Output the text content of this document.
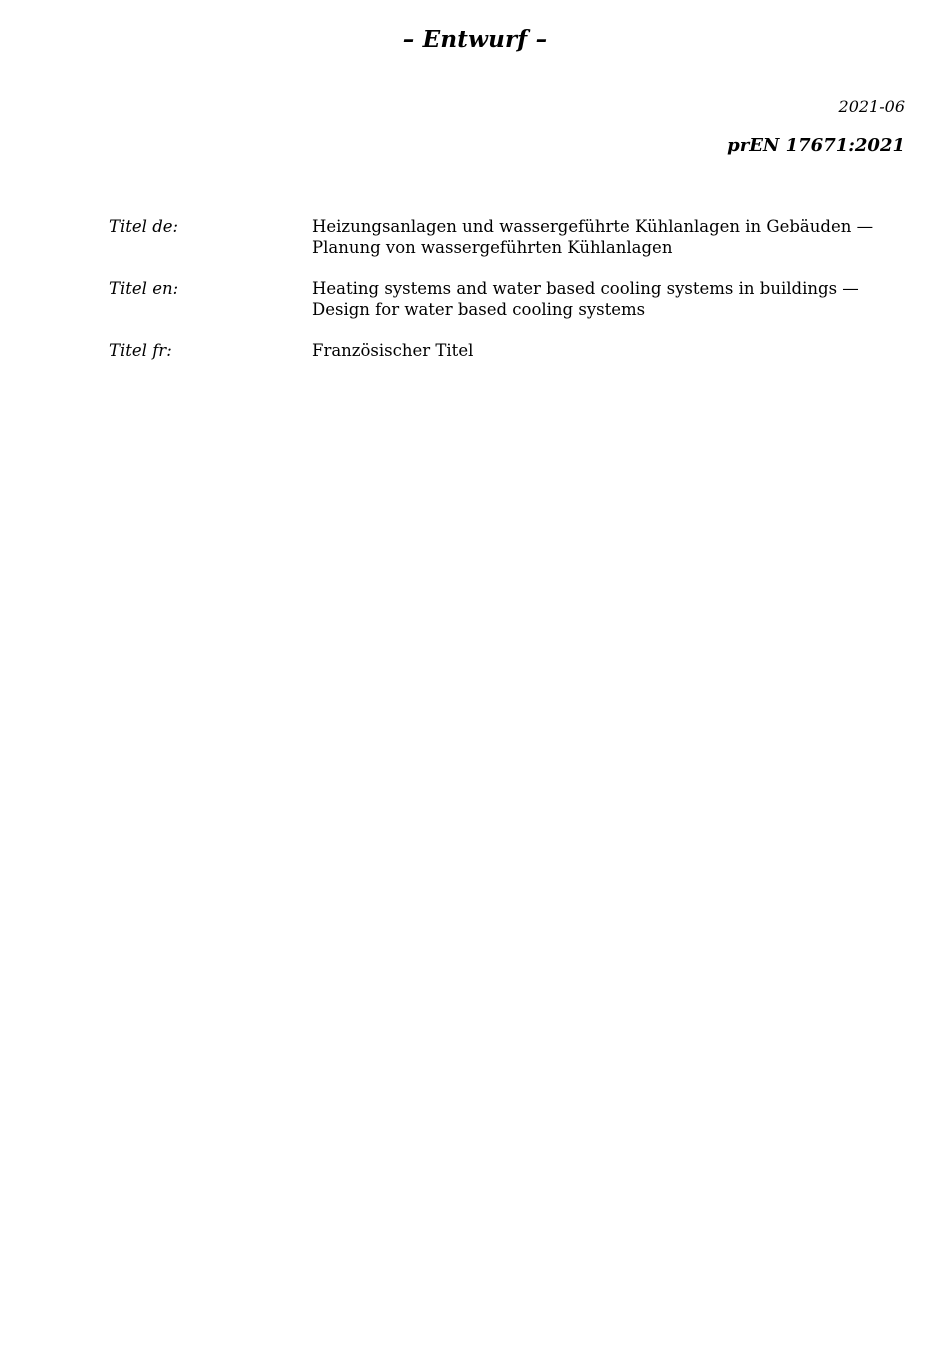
– Entwurf –
2021-06
prEN 17671:2021
Titel de:	Heizungsanlagen und wassergeführte Kühlanlagen in Gebäuden — Planung von wassergeführten Kühlanlagen
Titel en:	Heating systems and water based cooling systems in buildings — Design for water based cooling systems
Titel fr:	Französischer Titel
